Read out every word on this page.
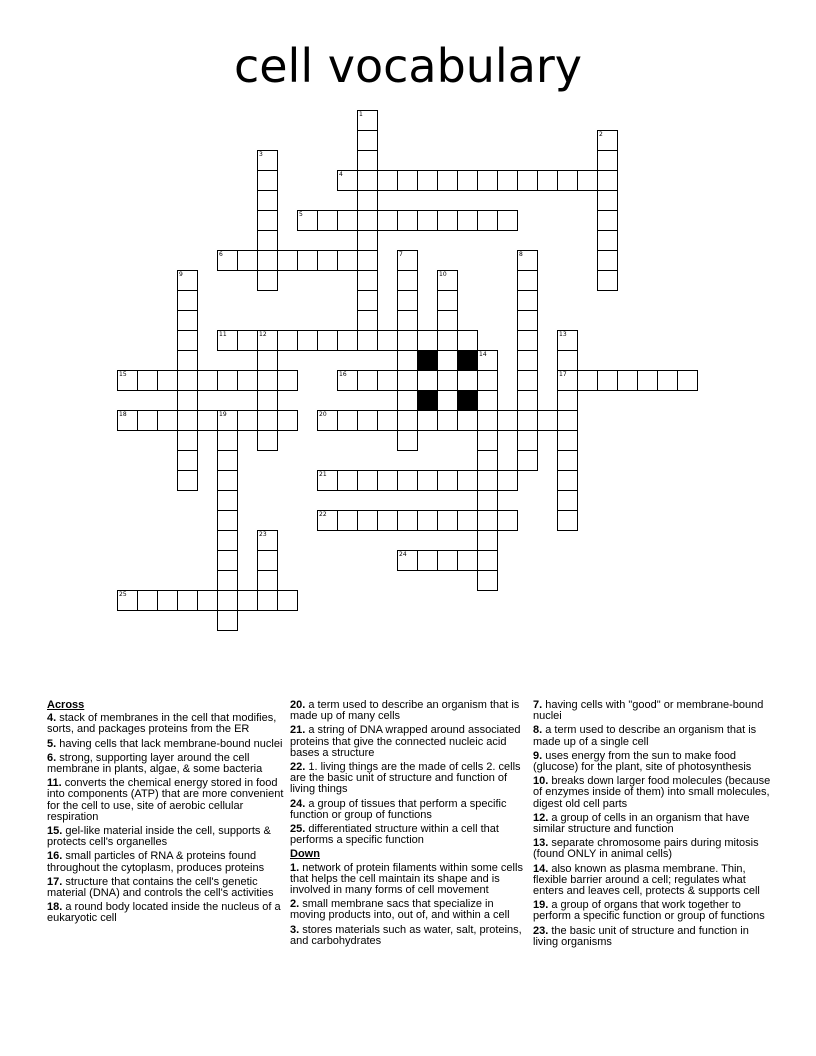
cell vocabulary
1
2
3
4
5
6	7	8
9	10
11	12	13
17
14
15	16
18	19	20
21
22
23
24
25
Across
4. stack of membranes in the cell that modifies, sorts, and packages proteins from the ER
5. having cells that lack membrane-bound nuclei
6. strong, supporting layer around the cell membrane in plants, algae, & some bacteria
11. converts the chemical energy stored in food into components (ATP) that are more convenient for the cell to use, site of aerobic cellular respiration
15. gel-like material inside the cell, supports & protects cell's organelles
16. small particles of RNA & proteins found throughout the cytoplasm, produces proteins
17. structure that contains the cell's genetic material (DNA) and controls the cell's activities
18. a round body located inside the nucleus of a eukaryotic cell
20. a term used to describe an organism that is made up of many cells
21. a string of DNA wrapped around associated proteins that give the connected nucleic acid bases a structure
22. 1. living things are the made of cells 2. cells are the basic unit of structure and function of living things
24. a group of tissues that perform a specific function or group of functions
25. differentiated structure within a cell that performs a specific function
Down
1. network of protein filaments within some cells that helps the cell maintain its shape and is involved in many forms of cell movement
2. small membrane sacs that specialize in moving products into, out of, and within a cell
3. stores materials such as water, salt, proteins, and carbohydrates
7. having cells with "good" or membrane-bound nuclei
8. a term used to describe an organism that is made up of a single cell
9. uses energy from the sun to make food (glucose) for the plant, site of photosynthesis
10. breaks down larger food molecules (because of enzymes inside of them) into small molecules, digest old cell parts
12. a group of cells in an organism that have similar structure and function
13. separate chromosome pairs during mitosis (found ONLY in animal cells)
14. also known as plasma membrane. Thin, flexible barrier around a cell; regulates what enters and leaves cell, protects & supports cell
19. a group of organs that work together to perform a specific function or group of functions
23. the basic unit of structure and function in living organisms
